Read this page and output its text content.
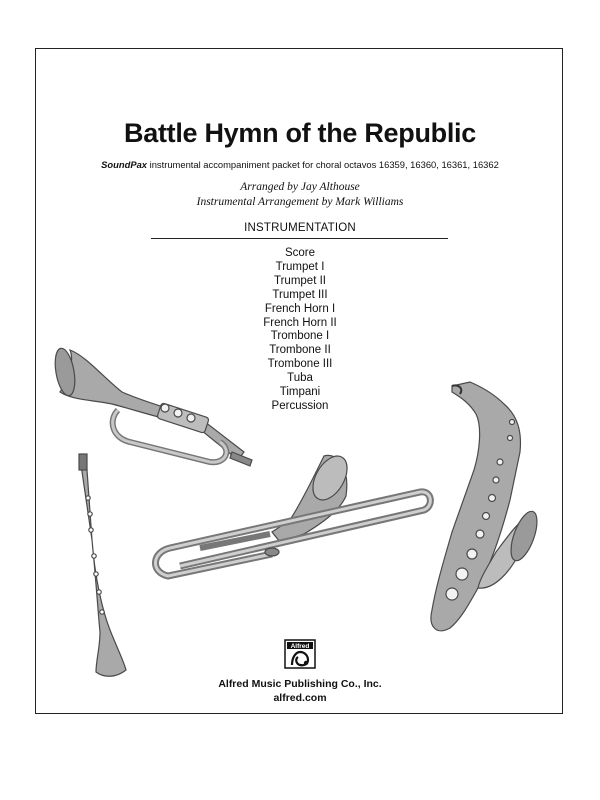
Battle Hymn of the Republic
SoundPax instrumental accompaniment packet for choral octavos 16359, 16360, 16361, 16362
Arranged by Jay Althouse
Instrumental Arrangement by Mark Williams
INSTRUMENTATION
Score
Trumpet I
Trumpet II
Trumpet III
French Horn I
French Horn II
Trombone I
Trombone II
Trombone III
Tuba
Timpani
Percussion
Alfred
Alfred Music Publishing Co., Inc.
alfred.com
